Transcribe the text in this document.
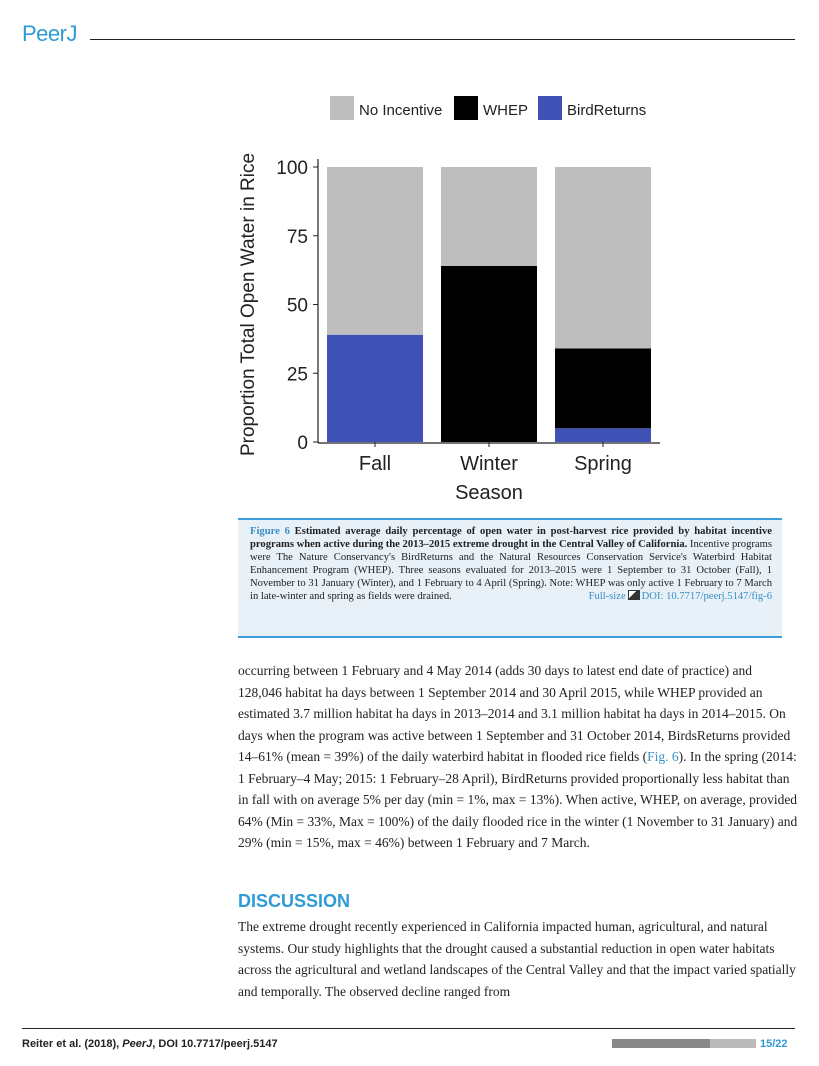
PeerJ
Fall	Winter	Spring
0
25
50
75
100
Season
Proportion Total Open Water in Rice
No Incentive	WHEP	BirdReturns
Figure 6 Estimated average daily percentage of open water in post-harvest rice provided by habitat incentive programs when active during the 2013–2015 extreme drought in the Central Valley of California. Incentive programs were The Nature Conservancy's BirdReturns and the Natural Resources Conservation Service's Waterbird Habitat Enhancement Program (WHEP). Three seasons evaluated for 2013–2015 were 1 September to 31 October (Fall), 1 November to 31 January (Winter), and 1 February to 4 April (Spring). Note: WHEP was only active 1 February to 7 March in late-winter and spring as fields were drained.	Full-size DOI: 10.7717/peerj.5147/fig-6

occurring between 1 February and 4 May 2014 (adds 30 days to latest end date of practice) and 128,046 habitat ha days between 1 September 2014 and 30 April 2015, while WHEP provided an estimated 3.7 million habitat ha days in 2013–2014 and 3.1 million habitat ha days in 2014–2015. On days when the program was active between 1 September and 31 October 2014, BirdsReturns provided 14–61% (mean = 39%) of the daily waterbird habitat in flooded rice fields (Fig. 6). In the spring (2014: 1 February–4 May; 2015: 1 February–28 April), BirdReturns provided proportionally less habitat than in fall with on average 5% per day (min = 1%, max = 13%). When active, WHEP, on average, provided 64% (Min = 33%, Max = 100%) of the daily flooded rice in the winter (1 November to 31 January) and 29% (min = 15%, max = 46%) between 1 February and 7 March.

DISCUSSION
The extreme drought recently experienced in California impacted human, agricultural, and natural systems. Our study highlights that the drought caused a substantial reduction in open water habitats across the agricultural and wetland landscapes of the Central Valley and that the impact varied spatially and temporally. The observed decline ranged from
Reiter et al. (2018), PeerJ, DOI 10.7717/peerj.5147	15/22
